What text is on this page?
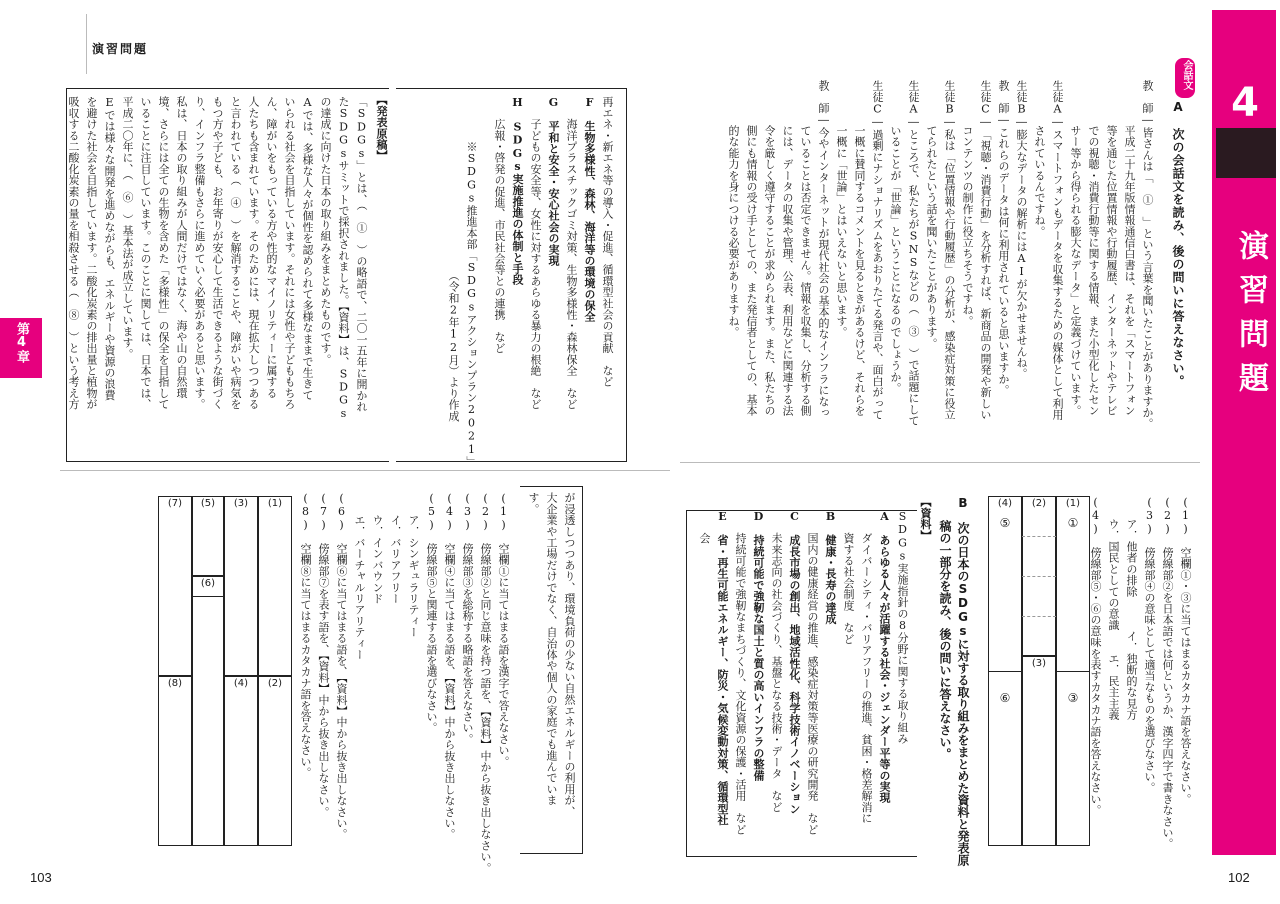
4
演習問題
会話文
A　次の会話文を読み、後の問いに答えなさい。
教　師―皆さんは「　①　」という言葉を聞いたことがありますか。
　　　　平成二十九年版情報通信白書は、それを「スマートフォン
　　　　等を通じた位置情報や行動履歴、インターネットやテレビ
　　　　での視聴・消費行動等に関する情報、また小型化したセン
　　　　サー等から得られる膨大なデータ」と定義づけています。
生徒A―スマートフォンもデータを収集するための媒体として利用
　　　　されているんですね。
生徒B―膨大なデータの解析にはAIが欠かせませんね。
教　師―これらのデータは何に利用されていると思いますか。
生徒C―「視聴・消費行動」を分析すれば、新商品の開発や新しい
　　　　コンテンツの制作に役立ちそうですね。
生徒B―私は「位置情報や行動履歴」の分析が、感染症対策に役立
　　　　てられたという話を聞いたことがあります。
生徒A―ところで、私たちがSNSなどの（　③　）で話題にして
　　　　いることが「世論」ということになるのでしょうか。
生徒C―過剰にナショナリズムをあおりたてる発言や、面白がって
　　　　一概に賛同するコメントを見るときがあるけど、それらを
　　　　一概に「世論」とはいえないと思います。
教　師―今やインターネットが現代社会の基本的なインフラになっ
　　　　ていることは否定できません。情報を収集し、分析する側
　　　　には、データの収集や管理、公表、利用などに関連する法
　　　　令を厳しく遵守することが求められます。また、私たちの
　　　　側にも情報の受け手としての、また発信者としての、基本
　　　　的な能力を身につける必要がありますね。
(1)　空欄①・③に当てはまるカタカナ語を答えなさい。
(2)　傍線部②を日本語では何というか、漢字四字で書きなさい。
(3)　傍線部④の意味として適当なものを選びなさい。
　　ア．他者の排除　　　イ．独断的な見方
　　ウ．国民としての意識　　エ．民主主義
(4)　傍線部⑤・⑥の意味を表すカタカナ語を答えなさい。
(1)
①
③
(2)
(3)
(4)
⑤
⑥
B　次の日本のSDGsに対する取り組みをまとめた資料と発表原
　　稿の一部分を読み、後の問いに答えなさい。
【資料】
SDGs実施指針の8分野に関する取り組み
A　あらゆる人々が活躍する社会・ジェンダー平等の実現
　　ダイバーシティ・バリアフリーの推進、貧困・格差解消に
　　資する社会制度　など
B　健康・長寿の達成
　　国内の健康経営の推進、感染症対策等医療の研究開発　など
C　成長市場の創出、地域活性化、科学技術イノベーション
　　未来志向の社会づくり、基盤となる技術・データ　など
D　持続可能で強靭な国土と質の高いインフラの整備
　　持続可能で強靭なまちづくり、文化資源の保護・活用　など
E　省・再生可能エネルギー、防災・気候変動対策、循環型社
　　会
102
演習問題
第4章	再エネ・新エネ等の導入・促進、循環型社会の貢献　など
F　生物多様性、森林、海洋等の環境の保全
　　海洋プラスチックゴミ対策、生物多様性・森林保全　など
G　平和と安全・安心社会の実現
　　子どもの安全等、女性に対するあらゆる暴力の根絶　など
H　SDGs実施推進の体制と手段
　　広報・啓発の促進、市民社会等との連携　など
　　　　※SDGs推進本部「SDGsアクションプラン2021」
　　　　　　　　　　　　　　　　（令和2年12月）より作成
【発表原稿】
「SDGs」とは、（　①　）の略語で、二〇一五年に開かれ
たSDGsサミットで採択されました。【資料】は、SDGs
の達成に向けた日本の取り組みをまとめたものです。
Aでは、多様な人々が個性を認められて多様なままで生きて
いられる社会を目指しています。それには女性や子どももちろ
ん、障がいをもっている方や性的なマイノリティーに属する
人たちも含まれています。そのためには、現在拡大しつつある
と言われている（　④　）を解消することや、障がいや病気を
もつ方や子ども、お年寄りが安心して生活できるような街づく
り、インフラ整備もさらに進めていく必要があると思います。
私は、日本の取り組みが人間だけではなく、海や山の自然環
境、さらには全ての生物を含めた「多様性」の保全を目指して
いることに注目しています。このことに関しては、日本では、
平成二〇年に、（　⑥　）基本法が成立しています。
Eでは様々な開発を進めながらも、エネルギーや資源の浪費
を避けた社会を目指しています。二酸化炭素の排出量と植物が
吸収する二酸化炭素の量を相殺させる（　⑧　）という考え方
が浸透しつつあり、環境負荷の少ない自然エネルギーの利用が、
大企業や工場だけでなく、自治体や個人の家庭でも進んでいま
す。
(1)　空欄①に当てはまる語を漢字で答えなさい。
(2)　傍線部②と同じ意味を持つ語を、【資料】中から抜き出しなさい。
(3)　傍線部③を総称する略語を答えなさい。
(4)　空欄④に当てはまる語を、【資料】中から抜き出しなさい。
(5)　傍線部⑤と関連する語を選びなさい。
　　ア．シンギュラリティー
　　イ．バリアフリー
　　ウ．インバウンド
　　エ．バーチャルリアリティー
(6)　空欄⑥に当てはまる語を、【資料】中から抜き出しなさい。
(7)　傍線部⑦を表す語を、【資料】中から抜き出しなさい。
(8)　空欄⑧に当てはまるカタカナ語を答えなさい。
(1)
(2)
(3)
(4)
(5)
(6)
(7)
(8)
103
